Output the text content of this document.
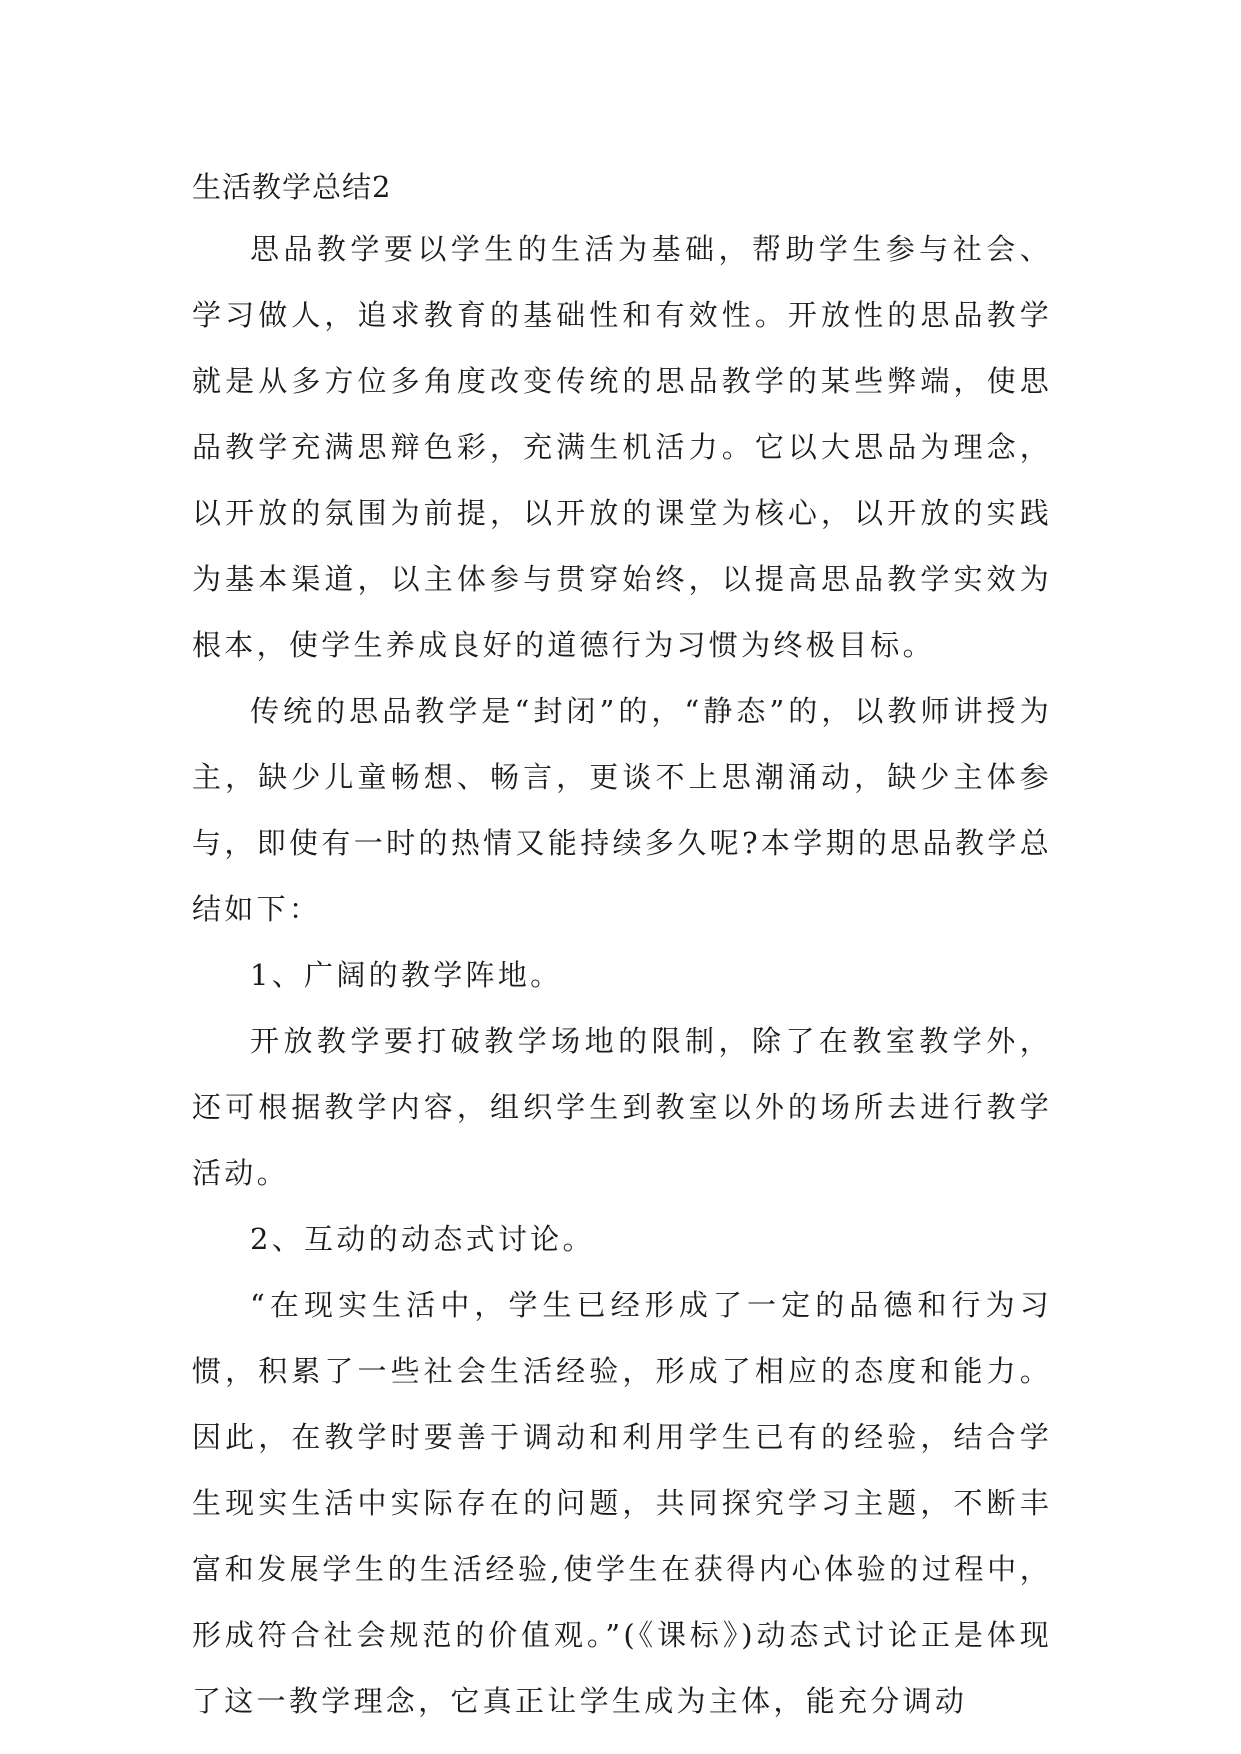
生活教学总结2

思品教学要以学生的生活为基础，帮助学生参与社会、学习做人，追求教育的基础性和有效性。开放性的思品教学就是从多方位多角度改变传统的思品教学的某些弊端，使思品教学充满思辩色彩，充满生机活力。它以大思品为理念，以开放的氛围为前提，以开放的课堂为核心，以开放的实践为基本渠道，以主体参与贯穿始终，以提高思品教学实效为根本，使学生养成良好的道德行为习惯为终极目标。

传统的思品教学是“封闭”的，“静态”的，以教师讲授为主，缺少儿童畅想、畅言，更谈不上思潮涌动，缺少主体参与，即使有一时的热情又能持续多久呢?本学期的思品教学总结如下：

1、广阔的教学阵地。

开放教学要打破教学场地的限制，除了在教室教学外，还可根据教学内容，组织学生到教室以外的场所去进行教学活动。

2、互动的动态式讨论。

“在现实生活中，学生已经形成了一定的品德和行为习惯，积累了一些社会生活经验，形成了相应的态度和能力。因此，在教学时要善于调动和利用学生已有的经验，结合学生现实生活中实际存在的问题，共同探究学习主题，不断丰富和发展学生的生活经验,使学生在获得内心体验的过程中，形成符合社会规范的价值观。”(《课标》)动态式讨论正是体现了这一教学理念，它真正让学生成为主体，能充分调动
